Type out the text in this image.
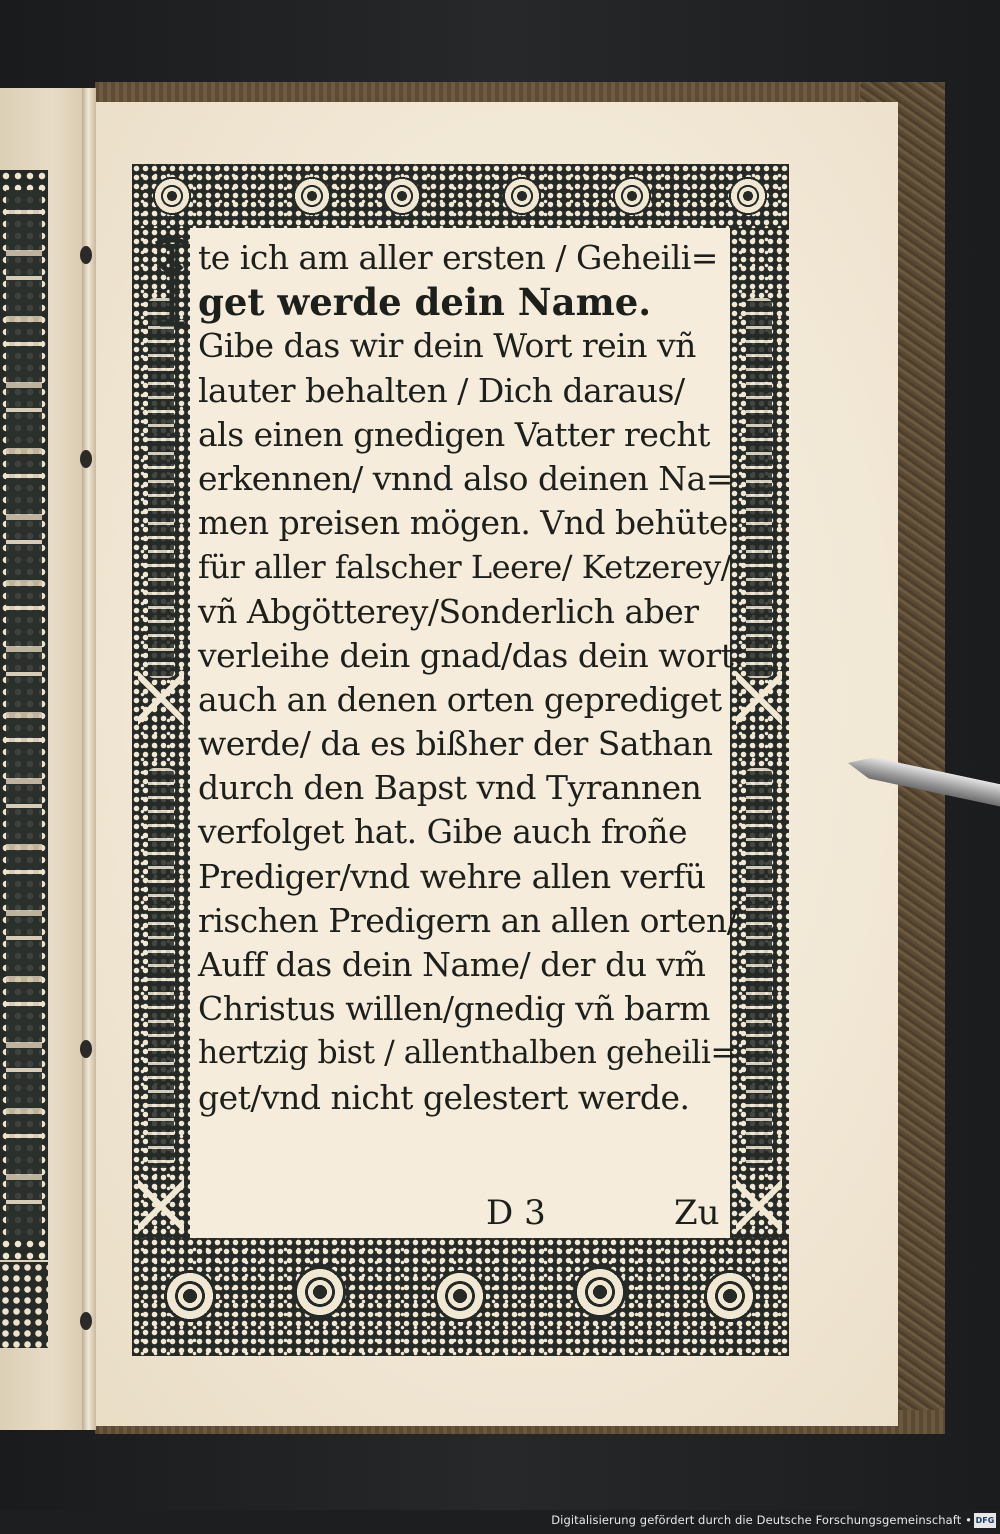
te ich am aller ersten / Geheili=
get werde dein Name.
Gibe das wir dein Wort rein vñ
lauter behalten / Dich daraus/
als einen gnedigen Vatter recht
erkennen/ vnnd also deinen Na=
men preisen mögen. Vnd behüte
für aller falscher Leere/ Ketzerey/
vñ Abgötterey/Sonderlich aber
verleihe dein gnad/das dein wort
auch an denen orten geprediget
werde/ da es bißher der Sathan
durch den Bapst vnd Tyrannen
verfolget hat. Gibe auch froñe
Prediger/vnd wehre allen verfü
rischen Predigern an allen orten/
Auff das dein Name/ der du vm̃
Christus willen/gnedig vñ barm
hertzig bist / allenthalben geheili=
get/vnd nicht gelestert werde.
D 3	Zu
Digitalisierung gefördert durch die Deutsche Forschungsgemeinschaft • DFG
